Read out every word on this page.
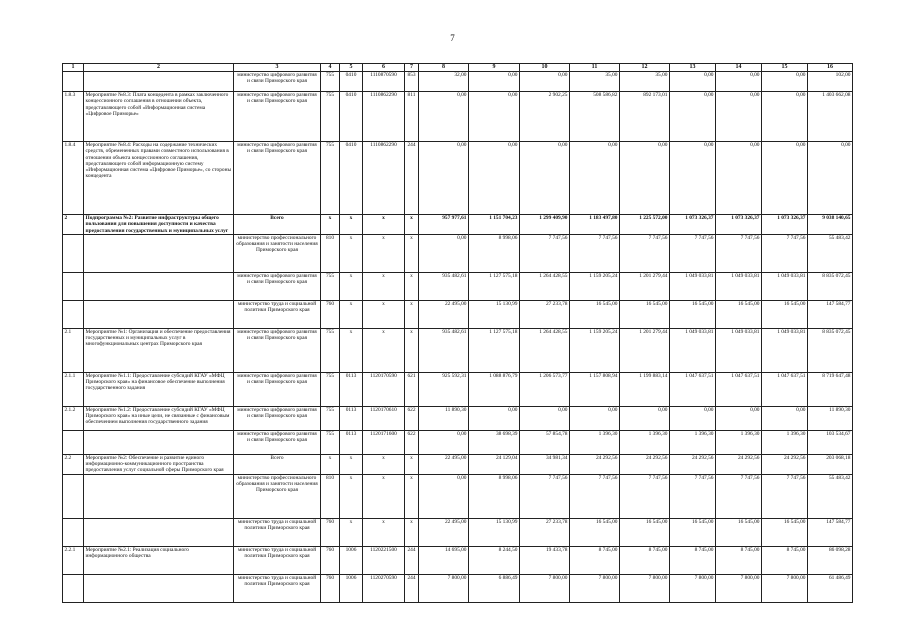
7
1	2	3	4	5	6	7	8	9	10	11	12	13	14	15	16
		министерство цифрового развития и связи Приморского края	755	0410	1110870590	853	32,00	0,00	0,00	35,00	35,00	0,00	0,00	0,00	102,00
1.8.3	Мероприятие №8.3: Плата концедента в рамках заключенного концессионного соглашения в отношении объекта, представляющего собой «Информационная система «Цифровое Приморье»	министерство цифрового развития и связи Приморского края	755	0410	1110862290	811	0,00	0,00	2 902,25	508 586,82	892 173,01	0,00	0,00	0,00	1 403 662,08
1.8.4	Мероприятие №8.4: Расходы на содержание технических средств, обремененных правами совместного использования в отношении объекта концессионного соглашения, представляющего собой информационную систему «Информационная система «Цифровое Приморье», со стороны концедента	министерство цифрового развития и связи Приморского края	755	0410	1110862290	244	0,00	0,00	0,00	0,00	0,00	0,00	0,00	0,00	0,00
2	Подпрограмма №2: Развитие инфраструктуры общего пользования для повышения доступности и качества предоставления государственных и муниципальных услуг	Всего	x	x	x	x	957 977,61	1 151 704,23	1 299 409,90	1 183 497,80	1 225 572,00	1 073 326,37	1 073 326,37	1 073 326,37	9 038 140,65
		министерство профессионального образования и занятости населения Приморского края	810	x	x	x	0,00	8 998,06	7 747,56	7 747,56	7 747,56	7 747,56	7 747,56	7 747,56	55 483,42
		министерство цифрового развития и связи Приморского края	755	x	x	x	935 482,61	1 127 575,18	1 264 428,55	1 159 205,24	1 201 279,44	1 049 033,81	1 049 033,81	1 049 033,81	8 835 072,45
		министерство труда и социальной политики Приморского края	760	x	x	x	22 495,00	15 130,99	27 233,78	16 545,00	16 545,00	16 545,00	16 545,00	16 545,00	147 584,77
2.1	Мероприятие №1: Организация и обеспечение предоставления государственных и муниципальных услуг в многофункциональных центрах Приморского края	министерство цифрового развития и связи Приморского края	755	x	x	x	935 482,61	1 127 575,18	1 264 428,55	1 159 205,24	1 201 279,44	1 049 033,81	1 049 033,81	1 049 033,81	8 835 072,45
2.1.1	Мероприятие №1.1: Предоставление субсидий КГАУ «МФЦ Приморского края» на финансовое обеспечение выполнения государственного задания	министерство цифрового развития и связи Приморского края	755	0113	1120170590	621	925 592,31	1 088 876,79	1 206 573,77	1 157 808,94	1 199 883,14	1 047 637,51	1 047 637,51	1 047 637,51	8 719 647,48
2.1.2	Мероприятие №1.2: Предоставление субсидий КГАУ «МФЦ Приморского края» на иные цели, не связанные с финансовым обеспечением выполнения государственного задания	министерство цифрового развития и связи Приморского края	755	0113	1120170610	622	11 890,30	0,00	0,00	0,00	0,00	0,00	0,00	0,00	11 890,30
		министерство цифрового развития и связи Приморского края	755	0113	1120171600	622	0,00	38 698,39	57 854,78	1 396,30	1 396,30	1 396,30	1 396,30	1 396,30	103 534,67
2.2	Мероприятие №2: Обеспечение и развитие единого информационно-коммуникационного пространства предоставления услуг социальной сферы Приморского края	Всего	x	x	x	x	22 495,00	24 129,04	34 981,34	24 292,56	24 292,56	24 292,56	24 292,56	24 292,56	203 068,18
		министерство профессионального образования и занятости населения Приморского края	810	x	x	x	0,00	8 998,06	7 747,56	7 747,56	7 747,56	7 747,56	7 747,56	7 747,56	55 483,42
		министерство труда и социальной политики Приморского края	760	x	x	x	22 495,00	15 130,99	27 233,78	16 545,00	16 545,00	16 545,00	16 545,00	16 545,00	147 584,77
2.2.1	Мероприятие №2.1: Реализация социального информационного общества	министерство труда и социальной политики Приморского края	760	1006	1120221500	244	14 695,00	8 244,50	19 433,78	8 745,00	8 745,00	8 745,00	8 745,00	8 745,00	86 098,28
		министерство труда и социальной политики Приморского края	760	1006	1120270590	244	7 800,00	6 886,49	7 800,00	7 800,00	7 800,00	7 800,00	7 800,00	7 800,00	61 486,49
